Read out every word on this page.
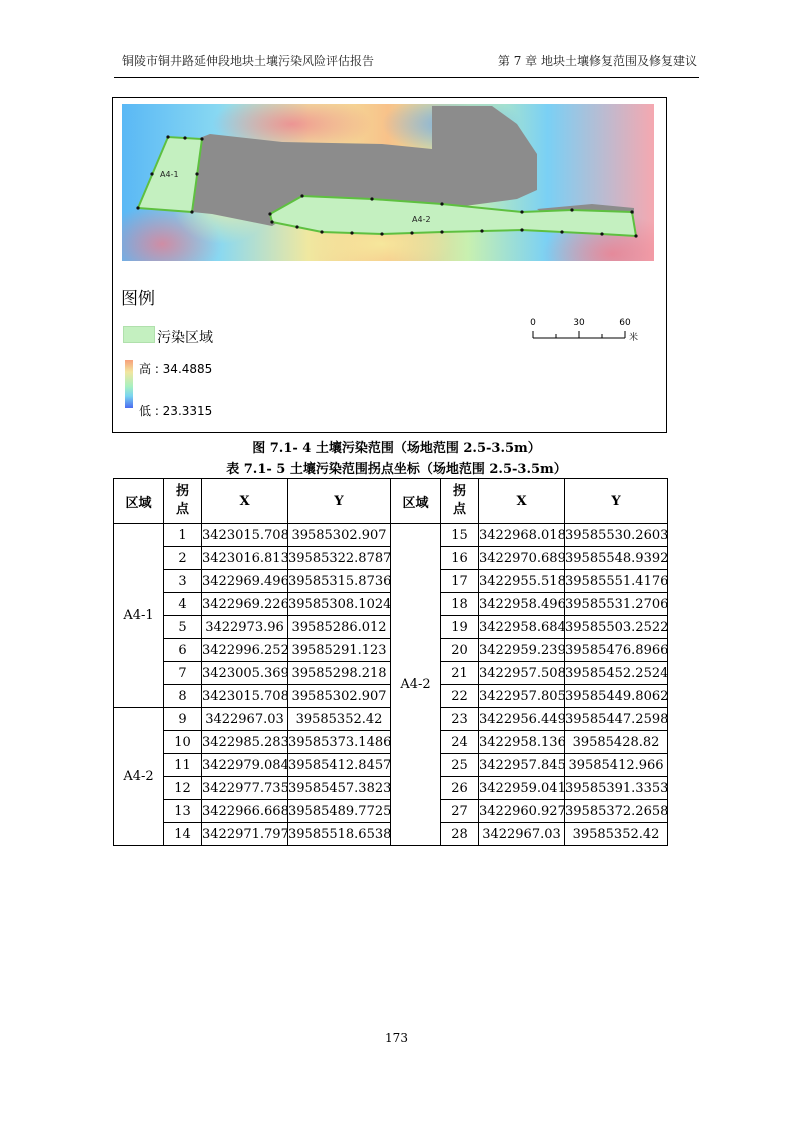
铜陵市铜井路延伸段地块土壤污染风险评估报告	第 7 章 地块土壤修复范围及修复建议
A4-1
A4-2
图例
污染区域
高 : 34.4885
低 : 23.3315
0	30	60
米
图 7.1- 4 土壤污染范围（场地范围 2.5-3.5m）
表 7.1- 5 土壤污染范围拐点坐标（场地范围 2.5-3.5m）
区域	拐点	X	Y	区域	拐点	X	Y
A4-1	1	3423015.708	39585302.907	A4-2	15	3422968.018	39585530.2603
	2	3423016.813	39585322.8787		16	3422970.689	39585548.9392
	3	3422969.496	39585315.8736		17	3422955.518	39585551.4176
	4	3422969.226	39585308.1024		18	3422958.496	39585531.2706
	5	3422973.96	39585286.012		19	3422958.684	39585503.2522
	6	3422996.252	39585291.123		20	3422959.239	39585476.8966
	7	3423005.369	39585298.218		21	3422957.508	39585452.2524
	8	3423015.708	39585302.907		22	3422957.805	39585449.8062
A4-2	9	3422967.03	39585352.42		23	3422956.449	39585447.2598
	10	3422985.283	39585373.1486		24	3422958.136	39585428.82
	11	3422979.084	39585412.8457		25	3422957.845	39585412.966
	12	3422977.735	39585457.3823		26	3422959.041	39585391.3353
	13	3422966.668	39585489.7725		27	3422960.927	39585372.2658
	14	3422971.797	39585518.6538		28	3422967.03	39585352.42
173
